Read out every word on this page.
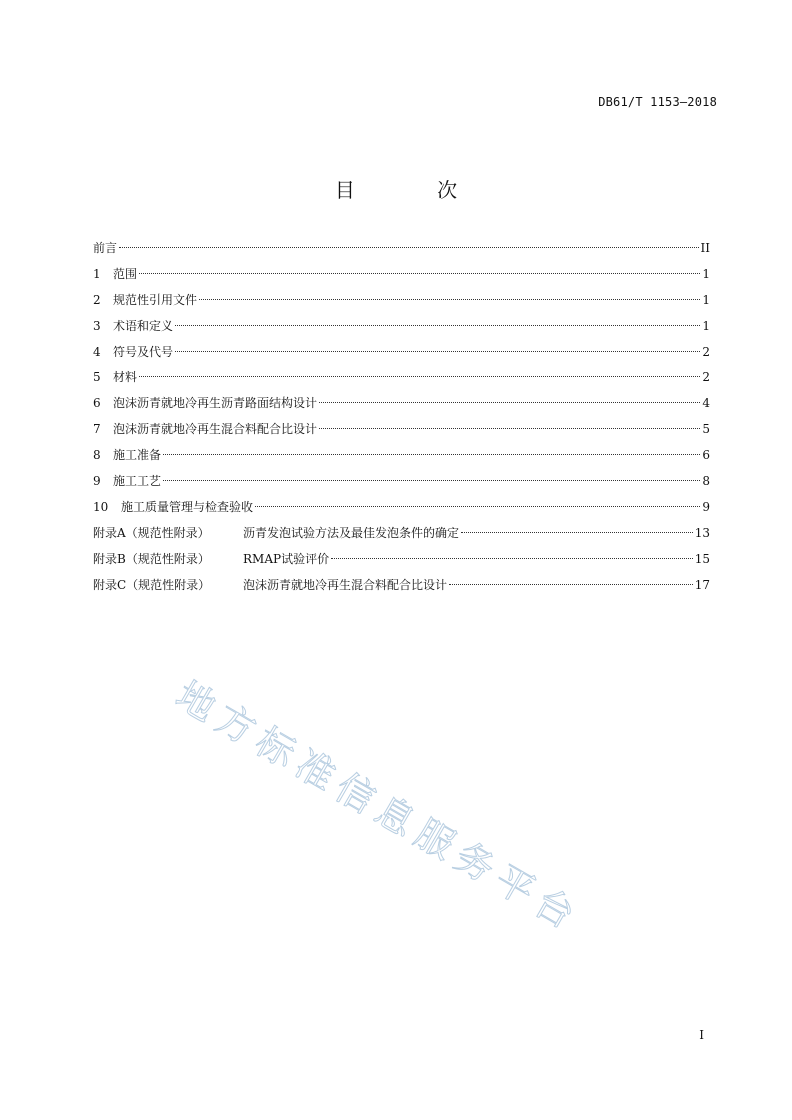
DB61/T 1153—2018
目 次
前言	II
1	范围	1
2	规范性引用文件	1
3	术语和定义	1
4	符号及代号	2
5	材料	2
6	泡沫沥青就地冷再生沥青路面结构设计	4
7	泡沫沥青就地冷再生混合料配合比设计	5
8	施工准备	6
9	施工工艺	8
10	施工质量管理与检查验收	9
附录A（规范性附录）	沥青发泡试验方法及最佳发泡条件的确定	13
附录B（规范性附录）	RMAP试验评价	15
附录C（规范性附录）	泡沫沥青就地冷再生混合料配合比设计	17
地方标准信息服务平台
I
